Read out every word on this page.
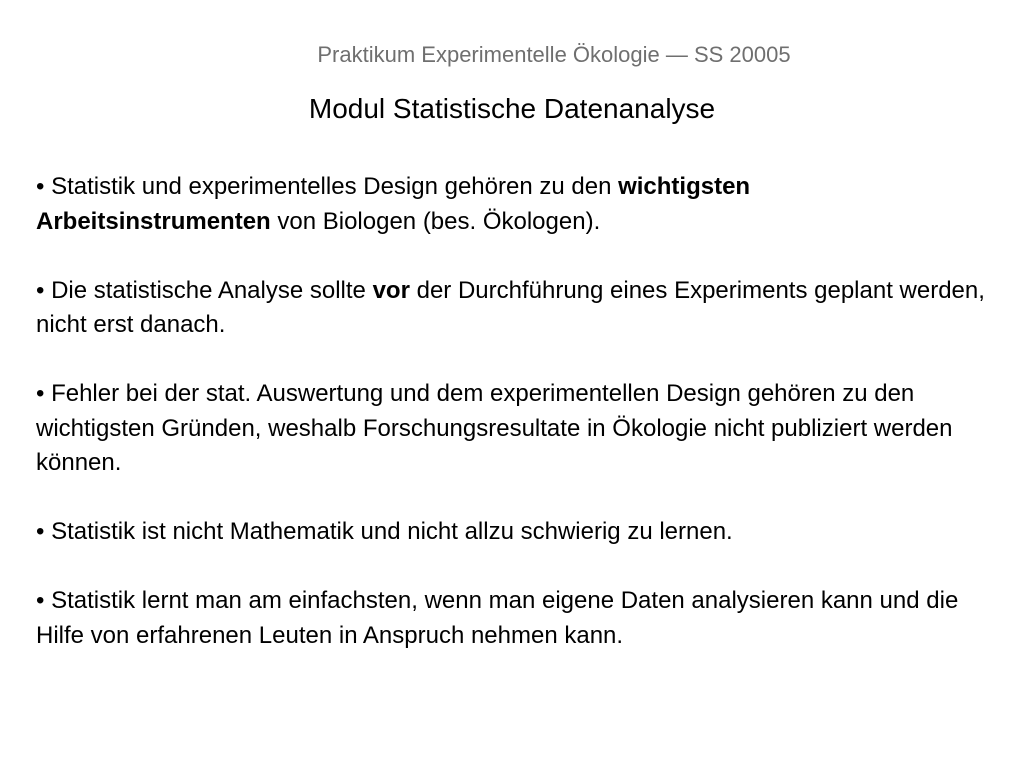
Praktikum Experimentelle Ökologie — SS 20005
Modul Statistische Datenanalyse

• Statistik und experimentelles Design gehören zu den wichtigsten Arbeitsinstrumenten von Biologen (bes. Ökologen).

• Die statistische Analyse sollte vor der Durchführung eines Experiments geplant werden, nicht erst danach.

• Fehler bei der stat. Auswertung und dem experimentellen Design gehören zu den wichtigsten Gründen, weshalb Forschungsresultate in Ökologie nicht publiziert werden können.

• Statistik ist nicht Mathematik und nicht allzu schwierig zu lernen.

• Statistik lernt man am einfachsten, wenn man eigene Daten analysieren kann und die Hilfe von erfahrenen Leuten in Anspruch nehmen kann.
